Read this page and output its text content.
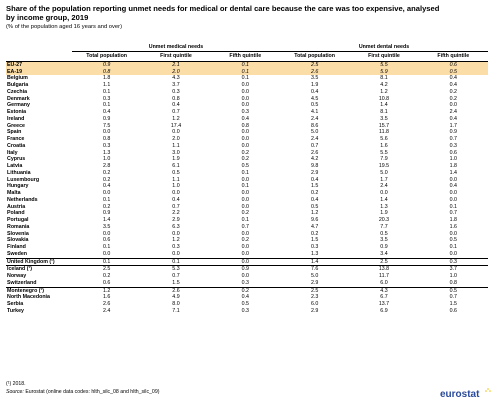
Share of the population reporting unmet needs for medical or dental care because the care was too expensive, analysed by income group, 2019
(% of the population aged 16 years and over)
	Unmet medical needs			Unmet dental needs		
	Total population	First quintile	Fifth quintile	Total population	First quintile	Fifth quintile
EU-27	0.9	2.1	0.1	2.5	5.5	0.6
EA-19	0.8	2.0	0.1	2.6	5.9	0.5
Belgium	1.8	4.3	0.1	3.5	8.1	0.4
Bulgaria	1.1	3.7	0.0	1.9	4.2	0.4
Czechia	0.1	0.3	0.0	0.4	1.2	0.2
Denmark	0.3	0.8	0.0	4.5	10.8	0.2
Germany	0.1	0.4	0.0	0.5	1.4	0.0
Estonia	0.4	0.7	0.3	4.1	8.1	2.4
Ireland	0.9	1.2	0.4	2.4	3.5	0.4
Greece	7.5	17.4	0.8	8.6	15.7	1.7
Spain	0.0	0.0	0.0	5.0	11.8	0.9
France	0.8	2.0	0.0	2.4	5.6	0.7
Croatia	0.3	1.1	0.0	0.7	1.6	0.3
Italy	1.3	3.0	0.2	2.6	5.5	0.6
Cyprus	1.0	1.9	0.2	4.2	7.9	1.0
Latvia	2.8	6.1	0.5	9.8	19.5	1.8
Lithuania	0.2	0.5	0.1	2.9	5.0	1.4
Luxembourg	0.2	1.1	0.0	0.4	1.7	0.0
Hungary	0.4	1.0	0.1	1.5	2.4	0.4
Malta	0.0	0.0	0.0	0.2	0.0	0.0
Netherlands	0.1	0.4	0.0	0.4	1.4	0.0
Austria	0.2	0.7	0.0	0.5	1.3	0.1
Poland	0.9	2.2	0.2	1.2	1.9	0.7
Portugal	1.4	2.9	0.1	9.6	20.3	1.8
Romania	3.5	6.3	0.7	4.7	7.7	1.6
Slovenia	0.0	0.0	0.0	0.2	0.5	0.0
Slovakia	0.6	1.2	0.2	1.5	3.5	0.5
Finland	0.1	0.3	0.0	0.3	0.9	0.1
Sweden	0.0	0.0	0.0	1.3	3.4	0.0
United Kingdom (¹)	0.1	0.1	0.0	1.4	2.5	0.3
Iceland (¹)	2.5	5.3	0.9	7.6	13.8	3.7
Norway	0.2	0.7	0.0	5.0	11.7	1.0
Switzerland	0.6	1.5	0.3	2.9	6.0	0.8
Montenegro (¹)	1.2	2.6	0.2	2.5	4.3	0.5
North Macedonia	1.6	4.9	0.4	2.3	6.7	0.7
Serbia	2.6	8.0	0.5	6.0	13.7	1.5
Turkey	2.4	7.1	0.3	2.9	6.9	0.6
(¹) 2018.
Source: Eurostat (online data codes: hlth_silc_08 and hlth_silc_09)	eurostat
